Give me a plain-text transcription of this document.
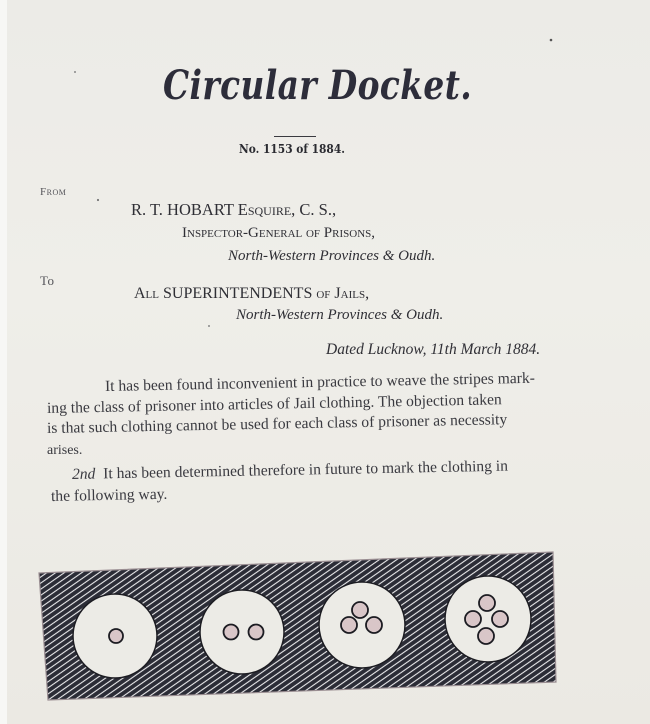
Circular Docket.
No. 1153 of 1884.
From
R. T. HOBART Esquire, C. S.,
Inspector-General of Prisons,
North-Western Provinces & Oudh.
To
All SUPERINTENDENTS of Jails,
North-Western Provinces & Oudh.
Dated Lucknow, 11th March 1884.
It has been found inconvenient in practice to weave the stripes mark-
ing the class of prisoner into articles of Jail clothing. The objection taken
is that such clothing cannot be used for each class of prisoner as necessity
arises.
2nd It has been determined therefore in future to mark the clothing in
the following way.
